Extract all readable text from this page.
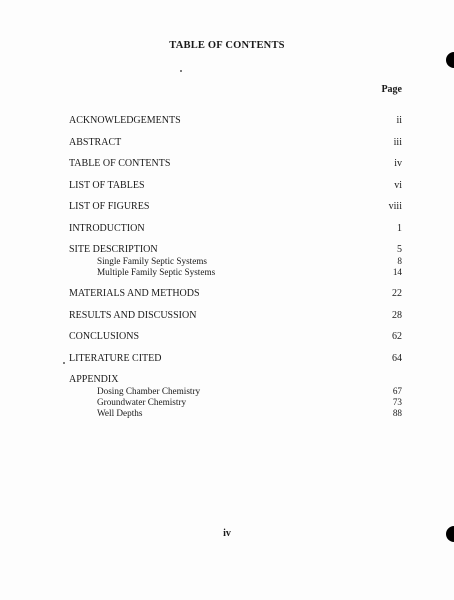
TABLE OF CONTENTS
Page
ACKNOWLEDGEMENTS	ii
ABSTRACT	iii
TABLE OF CONTENTS	iv
LIST OF TABLES	vi
LIST OF FIGURES	viii
INTRODUCTION	1
SITE DESCRIPTION	5
Single Family Septic Systems	8
Multiple Family Septic Systems	14
MATERIALS AND METHODS	22
RESULTS AND DISCUSSION	28
CONCLUSIONS	62
LITERATURE CITED	64
APPENDIX
Dosing Chamber Chemistry	67
Groundwater Chemistry	73
Well Depths	88
iv
